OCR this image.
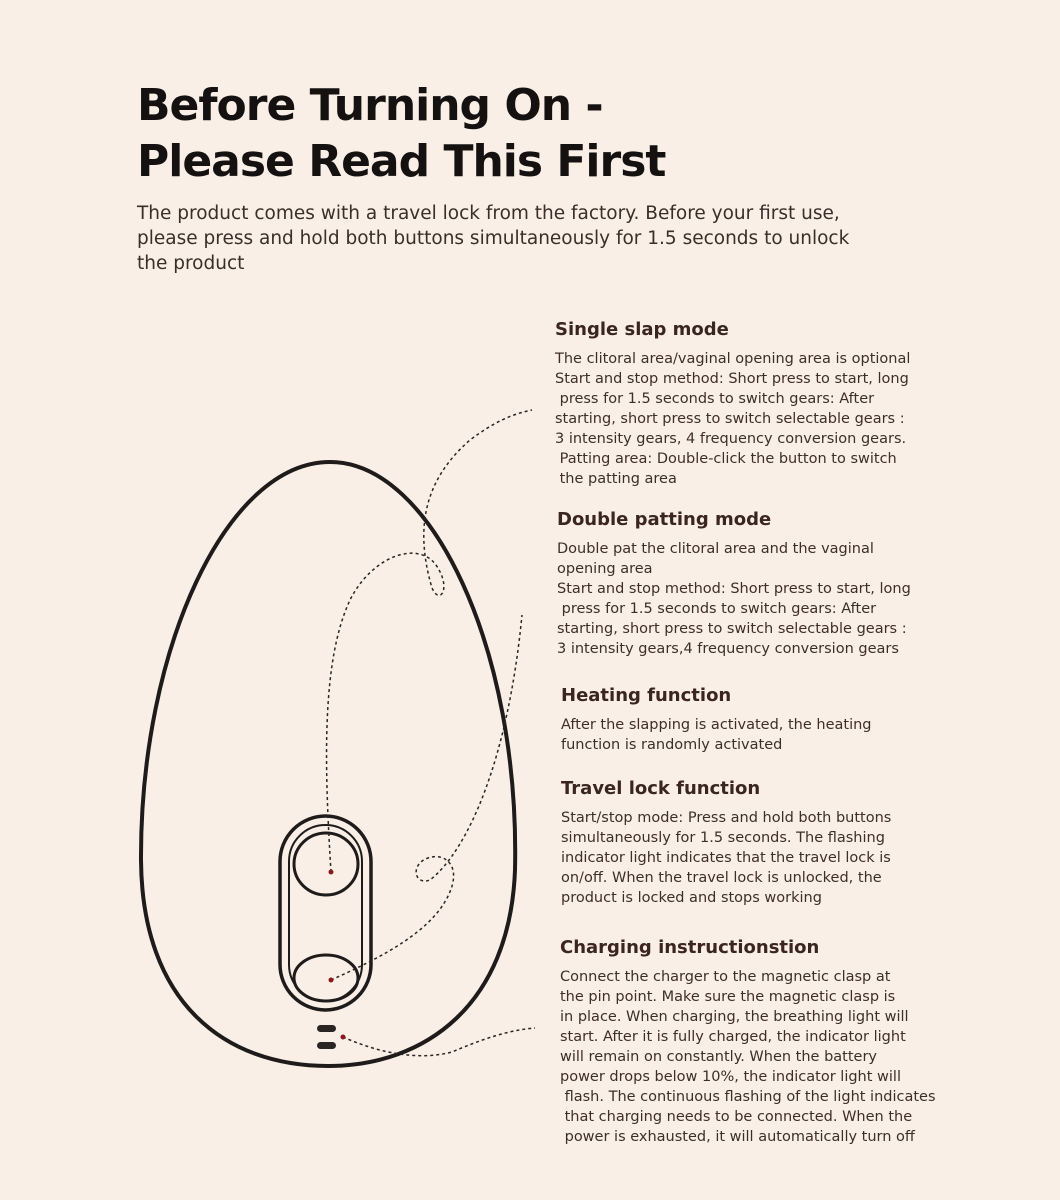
Before Turning On -
Please Read This First

The product comes with a travel lock from the factory. Before your first use,
please press and hold both buttons simultaneously for 1.5 seconds to unlock
the product

Single slap mode
The clitoral area/vaginal opening area is optional
Start and stop method: Short press to start, long
press for 1.5 seconds to switch gears: After
starting, short press to switch selectable gears :
3 intensity gears, 4 frequency conversion gears.
Patting area: Double-click the button to switch
the patting area
Double patting mode
Double pat the clitoral area and the vaginal
opening area
Start and stop method: Short press to start, long
press for 1.5 seconds to switch gears: After
starting, short press to switch selectable gears :
3 intensity gears,4 frequency conversion gears
Heating function
After the slapping is activated, the heating
function is randomly activated
Travel lock function
Start/stop mode: Press and hold both buttons
simultaneously for 1.5 seconds. The flashing
indicator light indicates that the travel lock is
on/off. When the travel lock is unlocked, the
product is locked and stops working
Charging instructionstion
Connect the charger to the magnetic clasp at
the pin point. Make sure the magnetic clasp is
in place. When charging, the breathing light will
start. After it is fully charged, the indicator light
will remain on constantly. When the battery
power drops below 10%, the indicator light will
flash. The continuous flashing of the light indicates
that charging needs to be connected. When the
power is exhausted, it will automatically turn off
